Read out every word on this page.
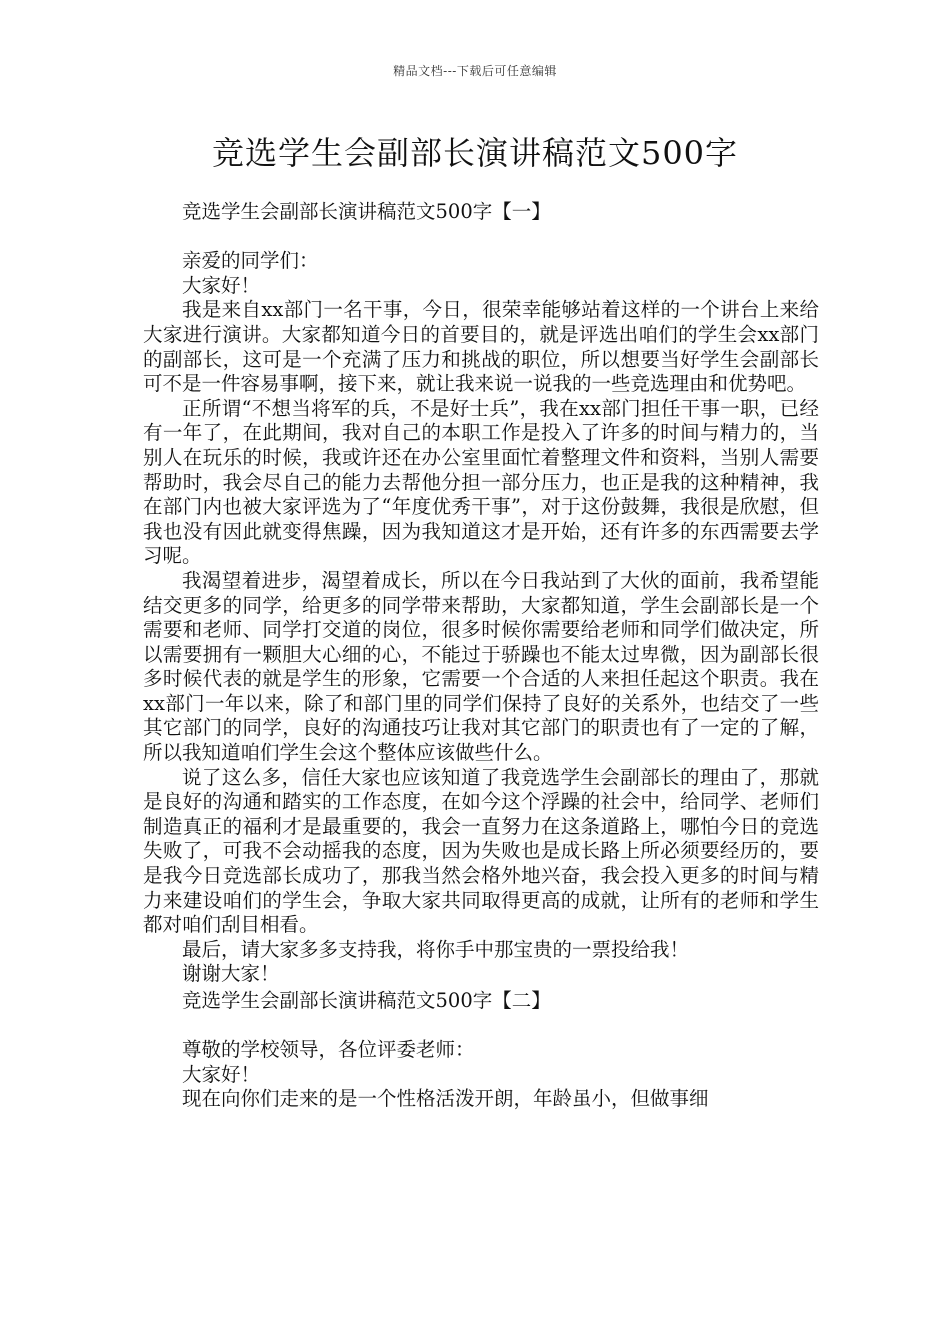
精品文档---下载后可任意编辑
竞选学生会副部长演讲稿范文500字

竞选学生会副部长演讲稿范文500字【一】

亲爱的同学们：

大家好！

我是来自xx部门一名干事，今日，很荣幸能够站着这样的一个讲台上来给大家进行演讲。大家都知道今日的首要目的，就是评选出咱们的学生会xx部门的副部长，这可是一个充满了压力和挑战的职位，所以想要当好学生会副部长可不是一件容易事啊，接下来，就让我来说一说我的一些竞选理由和优势吧。

正所谓“不想当将军的兵，不是好士兵”，我在xx部门担任干事一职，已经有一年了，在此期间，我对自己的本职工作是投入了许多的时间与精力的，当别人在玩乐的时候，我或许还在办公室里面忙着整理文件和资料，当别人需要帮助时，我会尽自己的能力去帮他分担一部分压力，也正是我的这种精神，我在部门内也被大家评选为了“年度优秀干事”，对于这份鼓舞，我很是欣慰，但我也没有因此就变得焦躁，因为我知道这才是开始，还有许多的东西需要去学习呢。

我渴望着进步，渴望着成长，所以在今日我站到了大伙的面前，我希望能结交更多的同学，给更多的同学带来帮助，大家都知道，学生会副部长是一个需要和老师、同学打交道的岗位，很多时候你需要给老师和同学们做决定，所以需要拥有一颗胆大心细的心，不能过于骄躁也不能太过卑微，因为副部长很多时候代表的就是学生的形象，它需要一个合适的人来担任起这个职责。我在xx部门一年以来，除了和部门里的同学们保持了良好的关系外，也结交了一些其它部门的同学，良好的沟通技巧让我对其它部门的职责也有了一定的了解，所以我知道咱们学生会这个整体应该做些什么。

说了这么多，信任大家也应该知道了我竞选学生会副部长的理由了，那就是良好的沟通和踏实的工作态度，在如今这个浮躁的社会中，给同学、老师们制造真正的福利才是最重要的，我会一直努力在这条道路上，哪怕今日的竞选失败了，可我不会动摇我的态度，因为失败也是成长路上所必须要经历的，要是我今日竞选部长成功了，那我当然会格外地兴奋，我会投入更多的时间与精力来建设咱们的学生会，争取大家共同取得更高的成就，让所有的老师和学生都对咱们刮目相看。

最后，请大家多多支持我，将你手中那宝贵的一票投给我！

谢谢大家！

竞选学生会副部长演讲稿范文500字【二】

尊敬的学校领导，各位评委老师：

大家好！

现在向你们走来的是一个性格活泼开朗，年龄虽小，但做事细
